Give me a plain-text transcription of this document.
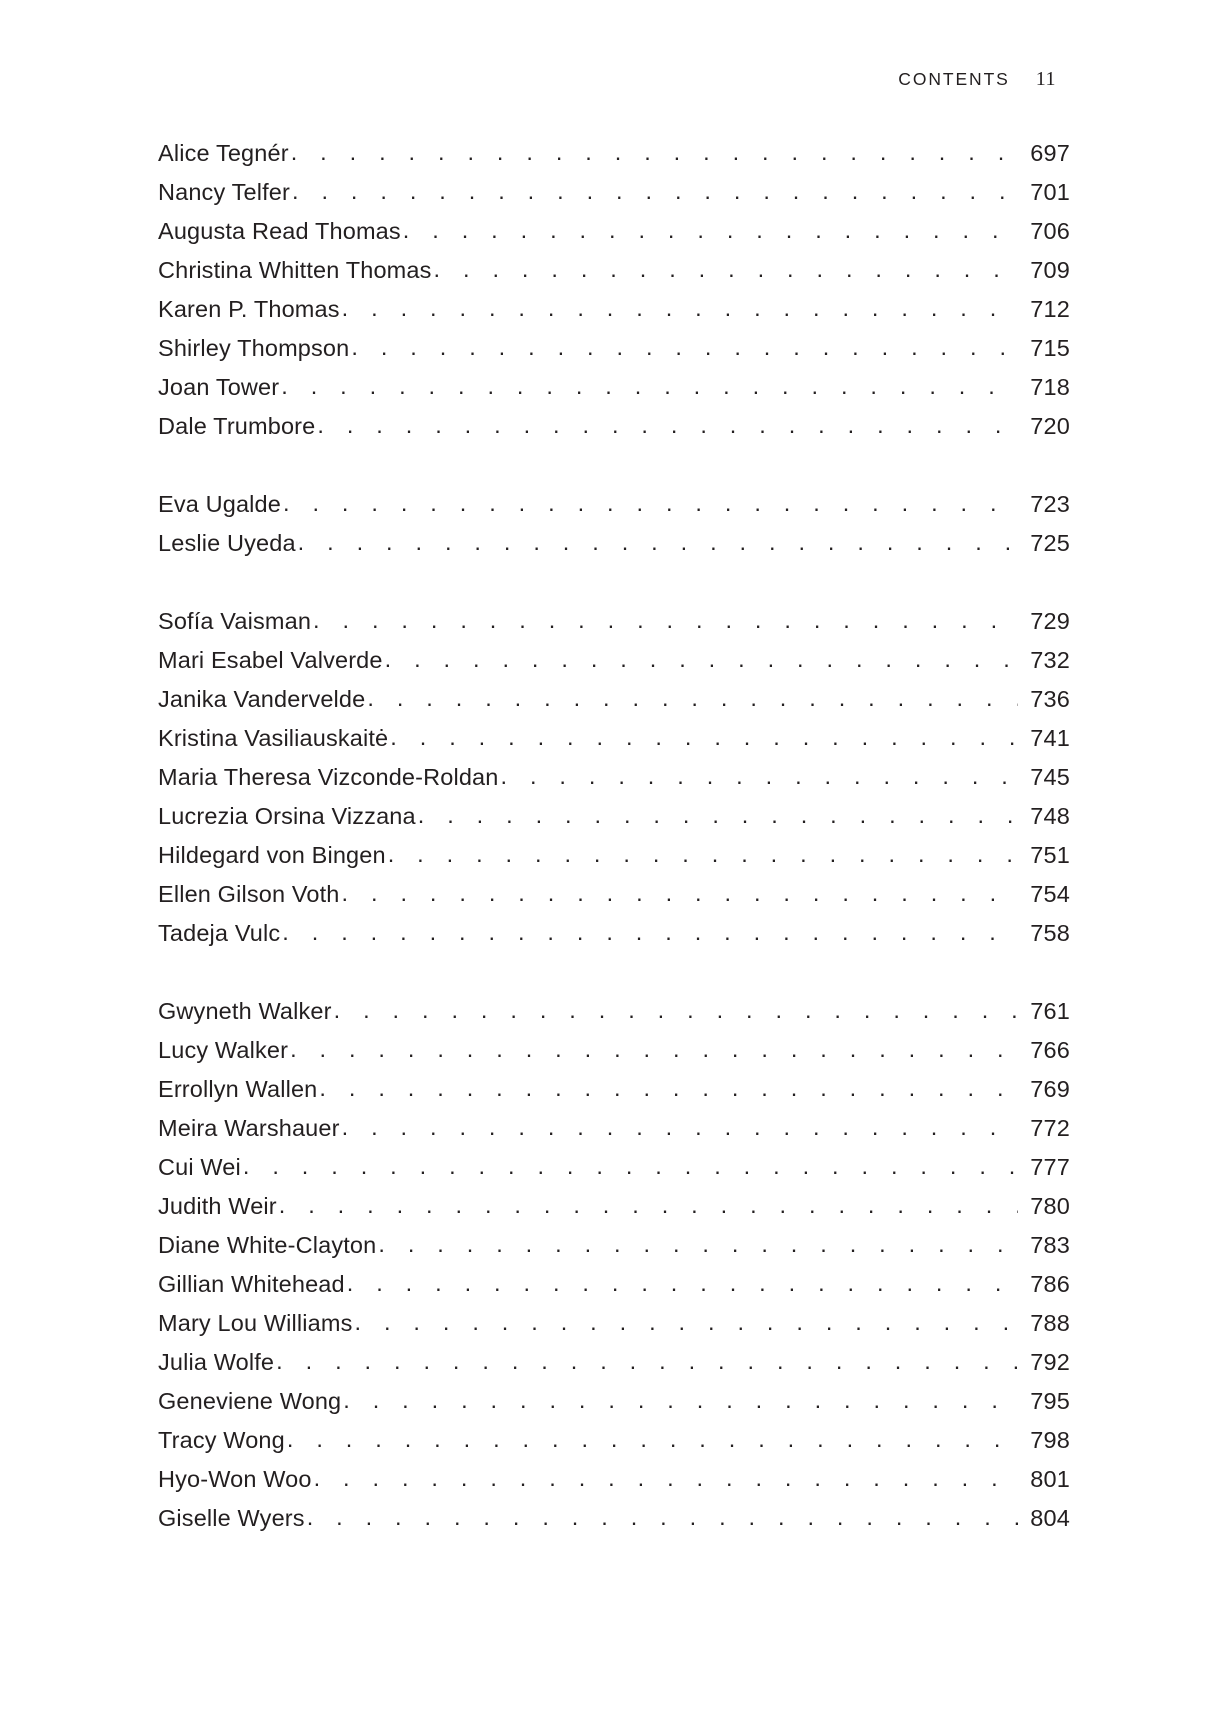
CONTENTS 11
Alice Tegnér . . .	697
Nancy Telfer . . .	701
Augusta Read Thomas . . .	706
Christina Whitten Thomas . . .	709
Karen P. Thomas . . .	712
Shirley Thompson . . .	715
Joan Tower . . .	718
Dale Trumbore . . .	720
Eva Ugalde . . .	723
Leslie Uyeda . . .	725
Sofía Vaisman . . .	729
Mari Esabel Valverde . . .	732
Janika Vandervelde . . .	736
Kristina Vasiliauskaitė . . .	741
Maria Theresa Vizconde-Roldan . . .	745
Lucrezia Orsina Vizzana . . .	748
Hildegard von Bingen . . .	751
Ellen Gilson Voth . . .	754
Tadeja Vulc . . .	758
Gwyneth Walker . . .	761
Lucy Walker . . .	766
Errollyn Wallen . . .	769
Meira Warshauer . . .	772
Cui Wei . . .	777
Judith Weir . . .	780
Diane White-Clayton . . .	783
Gillian Whitehead . . .	786
Mary Lou Williams . . .	788
Julia Wolfe . . .	792
Geneviene Wong . . .	795
Tracy Wong . . .	798
Hyo-Won Woo . . .	801
Giselle Wyers . . .	804
